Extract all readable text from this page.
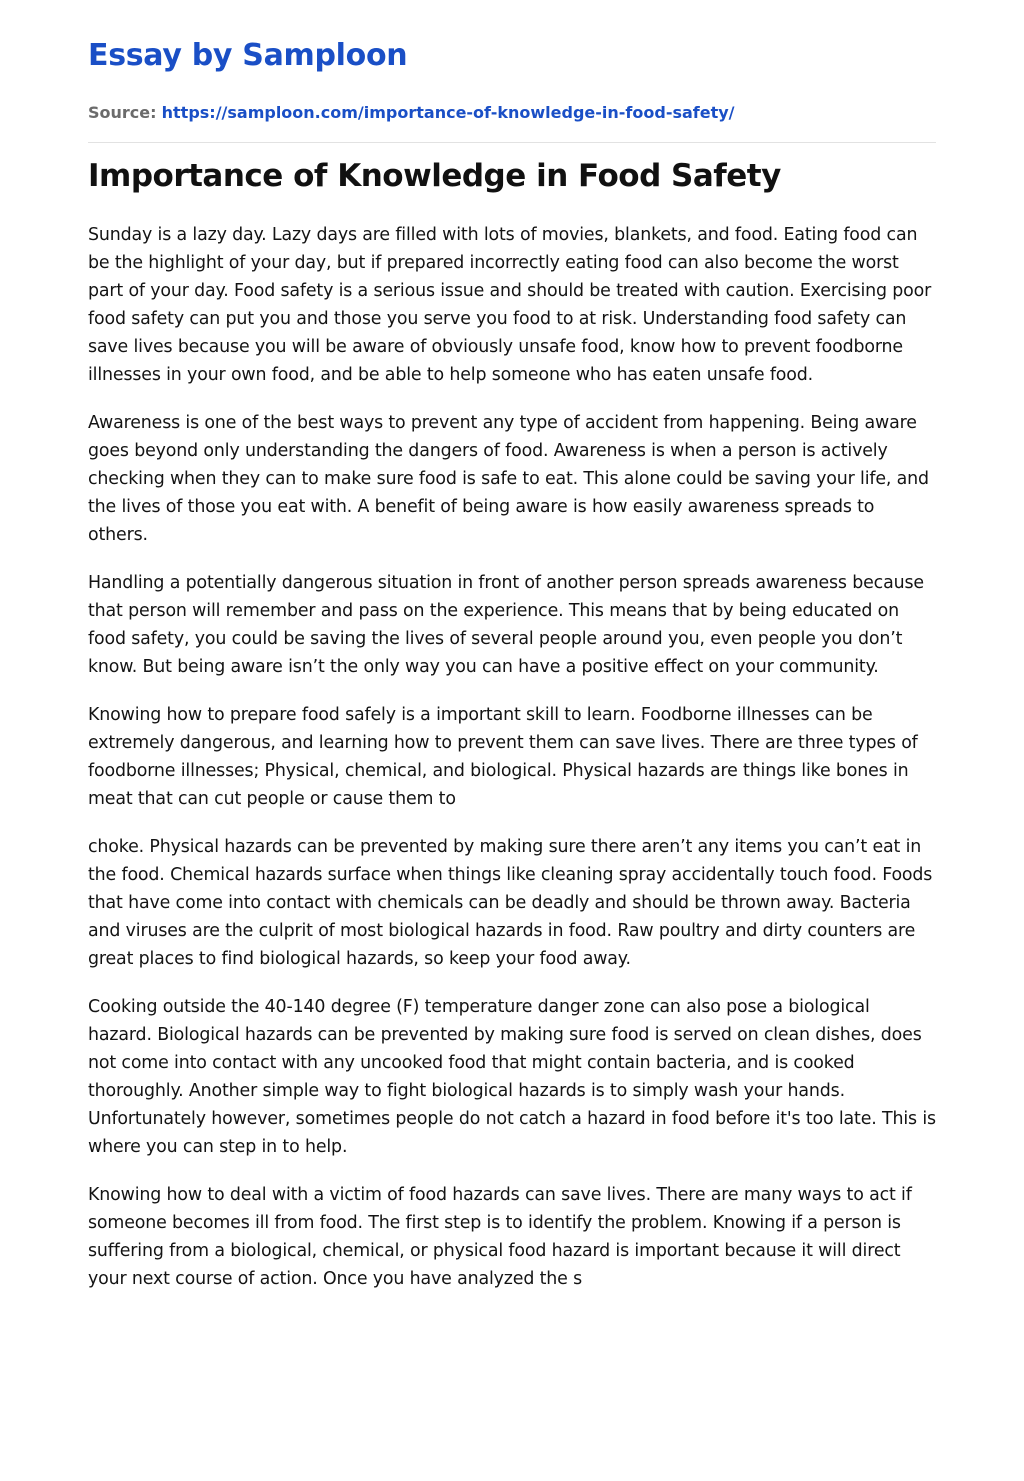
Essay by Samploon
Source: https://samploon.com/importance-of-knowledge-in-food-safety/
Importance of Knowledge in Food Safety

Sunday is a lazy day. Lazy days are filled with lots of movies, blankets, and food. Eating food can be the highlight of your day, but if prepared incorrectly eating food can also become the worst part of your day. Food safety is a serious issue and should be treated with caution. Exercising poor food safety can put you and those you serve you food to at risk. Understanding food safety can save lives because you will be aware of obviously unsafe food, know how to prevent foodborne illnesses in your own food, and be able to help someone who has eaten unsafe food.

Awareness is one of the best ways to prevent any type of accident from happening. Being aware goes beyond only understanding the dangers of food. Awareness is when a person is actively checking when they can to make sure food is safe to eat. This alone could be saving your life, and the lives of those you eat with. A benefit of being aware is how easily awareness spreads to others.

Handling a potentially dangerous situation in front of another person spreads awareness because that person will remember and pass on the experience. This means that by being educated on food safety, you could be saving the lives of several people around you, even people you don’t know. But being aware isn’t the only way you can have a positive effect on your community.

Knowing how to prepare food safely is a important skill to learn. Foodborne illnesses can be extremely dangerous, and learning how to prevent them can save lives. There are three types of foodborne illnesses; Physical, chemical, and biological. Physical hazards are things like bones in meat that can cut people or cause them to

choke. Physical hazards can be prevented by making sure there aren’t any items you can’t eat in the food. Chemical hazards surface when things like cleaning spray accidentally touch food. Foods that have come into contact with chemicals can be deadly and should be thrown away. Bacteria and viruses are the culprit of most biological hazards in food. Raw poultry and dirty counters are great places to find biological hazards, so keep your food away.

Cooking outside the 40-140 degree (F) temperature danger zone can also pose a biological hazard. Biological hazards can be prevented by making sure food is served on clean dishes, does not come into contact with any uncooked food that might contain bacteria, and is cooked thoroughly. Another simple way to fight biological hazards is to simply wash your hands. Unfortunately however, sometimes people do not catch a hazard in food before it's too late. This is where you can step in to help.

Knowing how to deal with a victim of food hazards can save lives. There are many ways to act if someone becomes ill from food. The first step is to identify the problem. Knowing if a person is suffering from a biological, chemical, or physical food hazard is important because it will direct your next course of action. Once you have analyzed the s
